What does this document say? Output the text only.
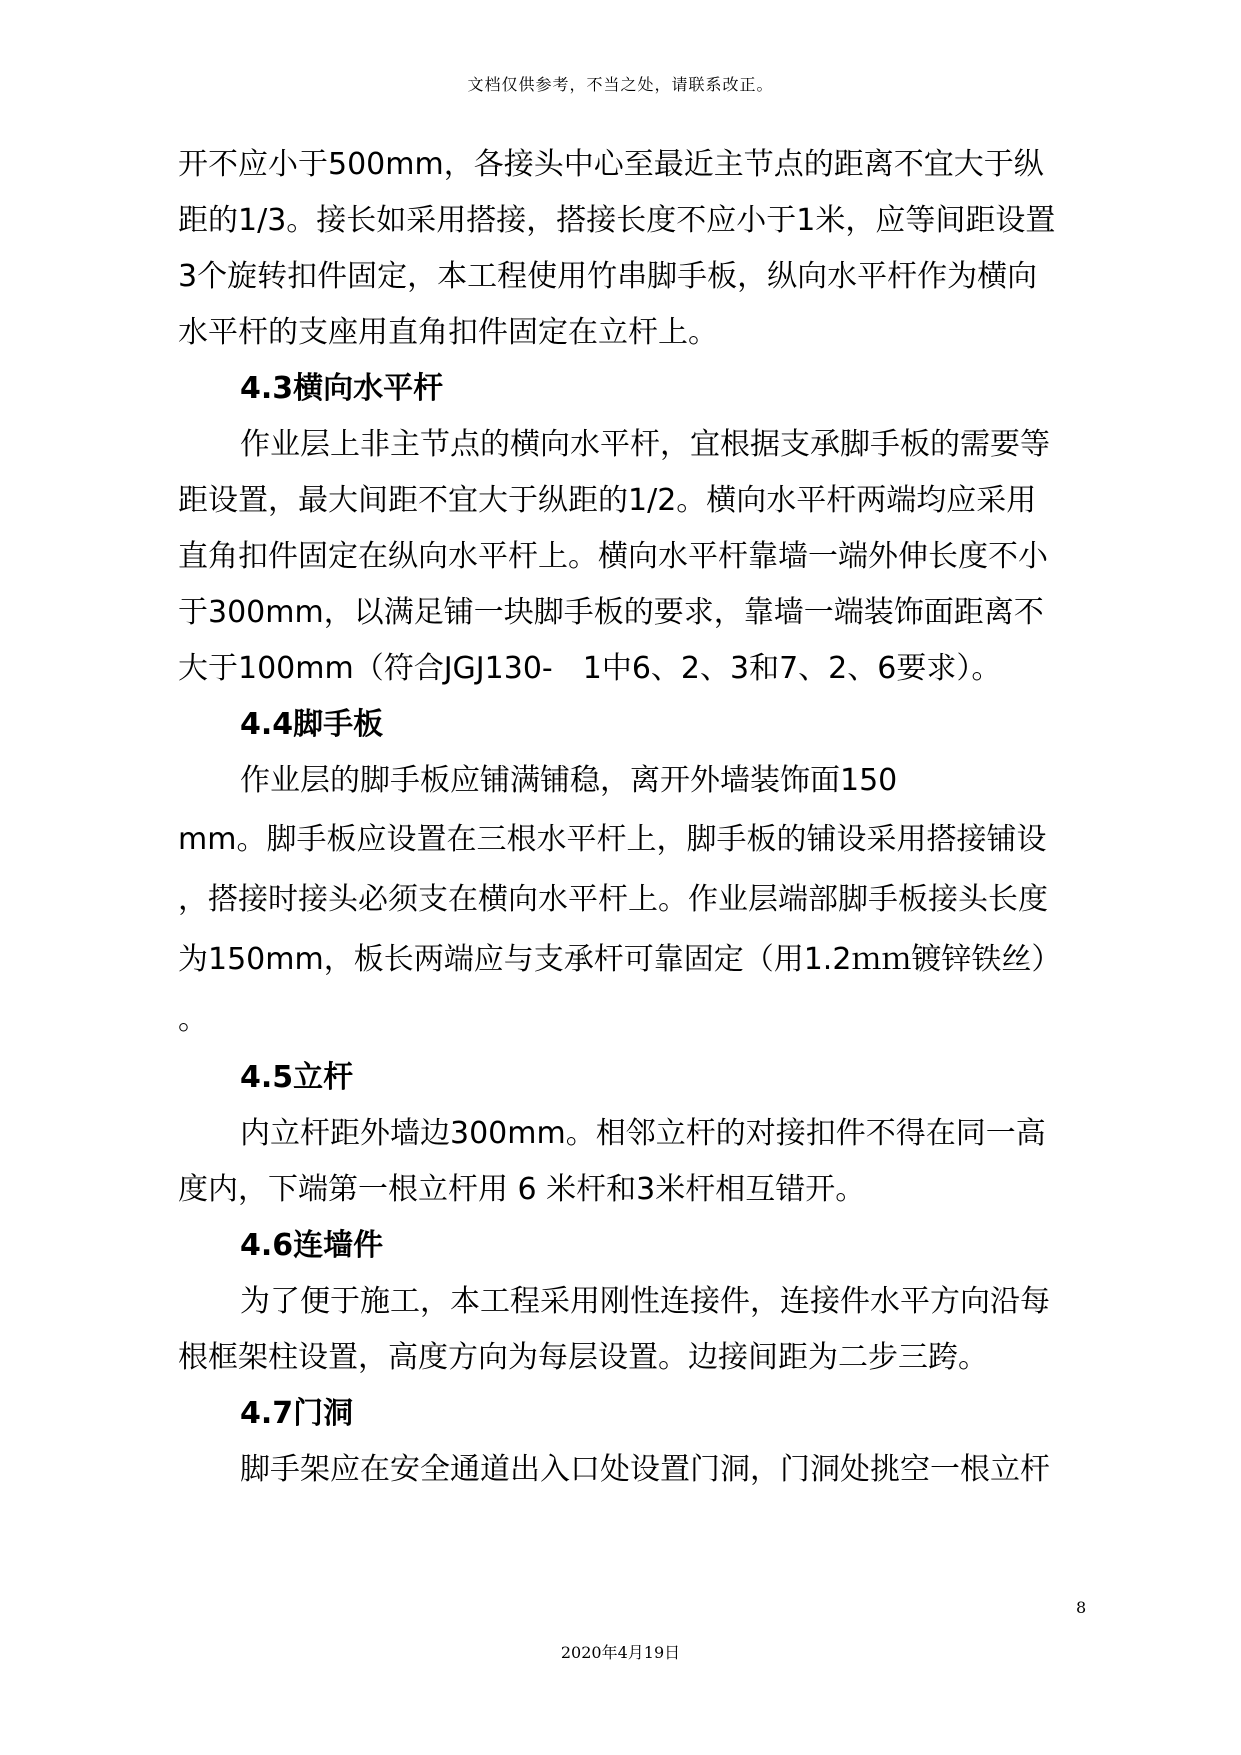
文档仅供参考，不当之处，请联系改正。
开不应小于500mm，各接头中心至最近主节点的距离不宜大于纵
距的1/3。接长如采用搭接，搭接长度不应小于1米，应等间距设置
3个旋转扣件固定，本工程使用竹串脚手板，纵向水平杆作为横向
水平杆的支座用直角扣件固定在立杆上。
4.3横向水平杆
作业层上非主节点的横向水平杆，宜根据支承脚手板的需要等
距设置，最大间距不宜大于纵距的1/2。横向水平杆两端均应采用
直角扣件固定在纵向水平杆上。横向水平杆靠墙一端外伸长度不小
于300mm，以满足铺一块脚手板的要求，靠墙一端装饰面距离不
大于100mm（符合JGJ130-　1中6、2、3和7、2、6要求）。
4.4脚手板
作业层的脚手板应铺满铺稳，离开外墙装饰面150
mm。脚手板应设置在三根水平杆上，脚手板的铺设采用搭接铺设
，搭接时接头必须支在横向水平杆上。作业层端部脚手板接头长度
为150mm，板长两端应与支承杆可靠固定（用1.2ｍｍ镀锌铁丝）
。
4.5立杆
内立杆距外墙边300mm。相邻立杆的对接扣件不得在同一高
度内，下端第一根立杆用 6 米杆和3米杆相互错开。
4.6连墙件
为了便于施工，本工程采用刚性连接件，连接件水平方向沿每
根框架柱设置，高度方向为每层设置。边接间距为二步三跨。
4.7门洞
脚手架应在安全通道出入口处设置门洞，门洞处挑空一根立杆
8
2020年4月19日
